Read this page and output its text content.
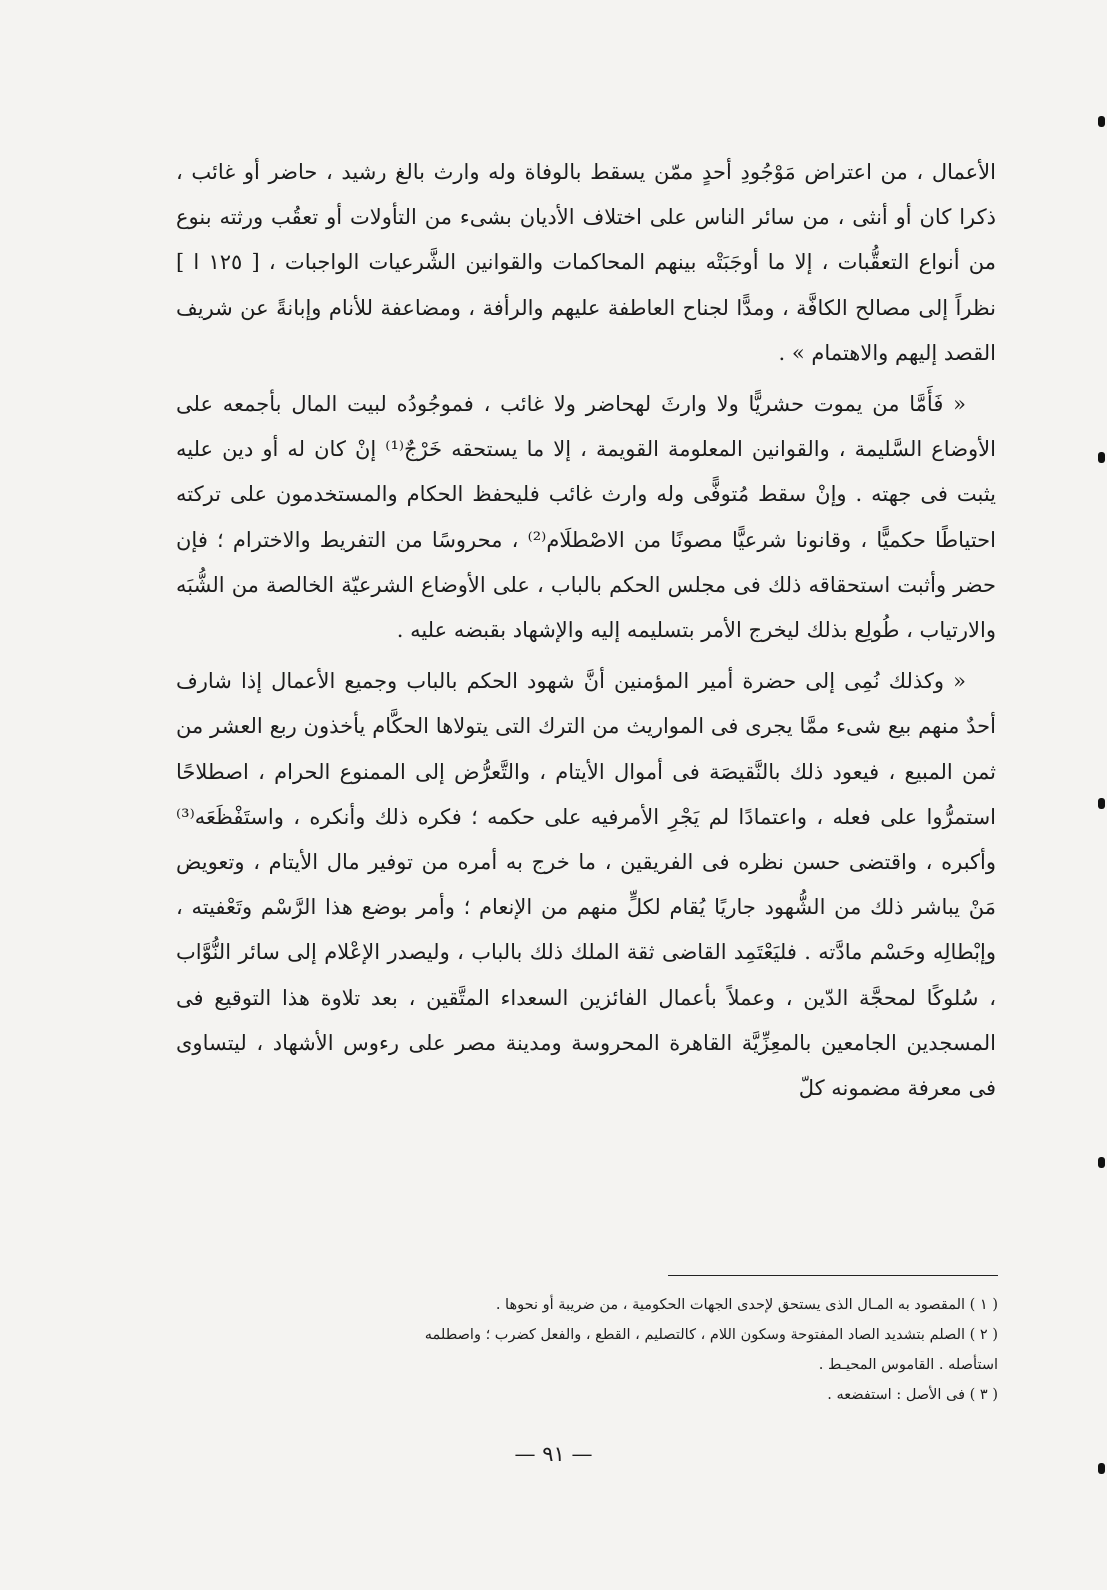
الأعمال ، من اعتراض مَوْجُودِ أحدٍ ممّن يسقط بالوفاة وله وارث بالغ رشيد ، حاضر أو غائب ، ذكرا كان أو أنثى ، من سائر الناس على اختلاف الأديان بشىء من التأولات أو تعقُب ورثته بنوع من أنواع التعقُّبات ، إلا ما أوجَبَتْه بينهم المحاكمات والقوانين الشَّرعيات الواجبات ، [ ١٢٥ ا ] نظراً إلى مصالح الكافَّة ، ومدًّا لجناح العاطفة عليهم والرأفة ، ومضاعفة للأنام وإبانةً عن شريف القصد إليهم والاهتمام » .

« فَأَمَّا من يموت حشريًّا ولا وارثَ لهحاضر ولا غائب ، فموجُودُه لبيت المال بأجمعه على الأوضاع السَّليمة ، والقوانين المعلومة القويمة ، إلا ما يستحقه خَرْجٌ⁽¹⁾ إنْ كان له أو دين عليه يثبت فى جهته . وإنْ سقط مُتوفًّى وله وارث غائب فليحفظ الحكام والمستخدمون على تركته احتياطًا حكميًّا ، وقانونا شرعيًّا مصونًا من الاصْطلَام⁽²⁾ ، محروسًا من التفريط والاخترام ؛ فإن حضر وأثبت استحقاقه ذلك فى مجلس الحكم بالباب ، على الأوضاع الشرعيّة الخالصة من الشُّبَه والارتياب ، طُولِع بذلك ليخرج الأمر بتسليمه إليه والإشهاد بقبضه عليه .

« وكذلك نُمِى إلى حضرة أمير المؤمنين أنَّ شهود الحكم بالباب وجميع الأعمال إذا شارف أحدٌ منهم بيع شىء ممَّا يجرى فى المواريث من الترك التى يتولاها الحكَّام يأخذون ربع العشر من ثمن المبيع ، فيعود ذلك بالنَّقيصَة فى أموال الأيتام ، والتَّعرُّض إلى الممنوع الحرام ، اصطلاحًا استمرُّوا على فعله ، واعتمادًا لم يَجْرِ الأمرفيه على حكمه ؛ فكره ذلك وأنكره ، واستَفْظَعَه⁽³⁾ وأكبره ، واقتضى حسن نظره فى الفريقين ، ما خرج به أمره من توفير مال الأيتام ، وتعويض مَنْ يباشر ذلك من الشُّهود جاريًا يُقام لكلٍّ منهم من الإنعام ؛ وأمر بوضع هذا الرَّسْم وتَعْفيته ، وإبْطالِه وحَسْم مادَّته . فليَعْتَمِد القاضى ثقة الملك ذلك بالباب ، وليصدر الإعْلام إلى سائر النُّوَّاب ، سُلوكًا لمحجَّة الدّين ، وعملاً بأعمال الفائزين السعداء المتَّقين ، بعد تلاوة هذا التوقيع فى المسجدين الجامعين بالمعِزِّيَّة القاهرة المحروسة ومدينة مصر على رءوس الأشهاد ، ليتساوى فى معرفة مضمونه كلّ

( ١ ) المقصود به المـال الذى يستحق لإحدى الجهات الحكومية ، من ضريبة أو نحوها .

( ٢ ) الصلم بتشديد الصاد المفتوحة وسكون اللام ، كالتصليم ، القطع ، والفعل كضرب ؛ واصطلمه استأصله . القاموس المحيـط .

( ٣ ) فى الأصل : استفضعه .

— ٩١ —
